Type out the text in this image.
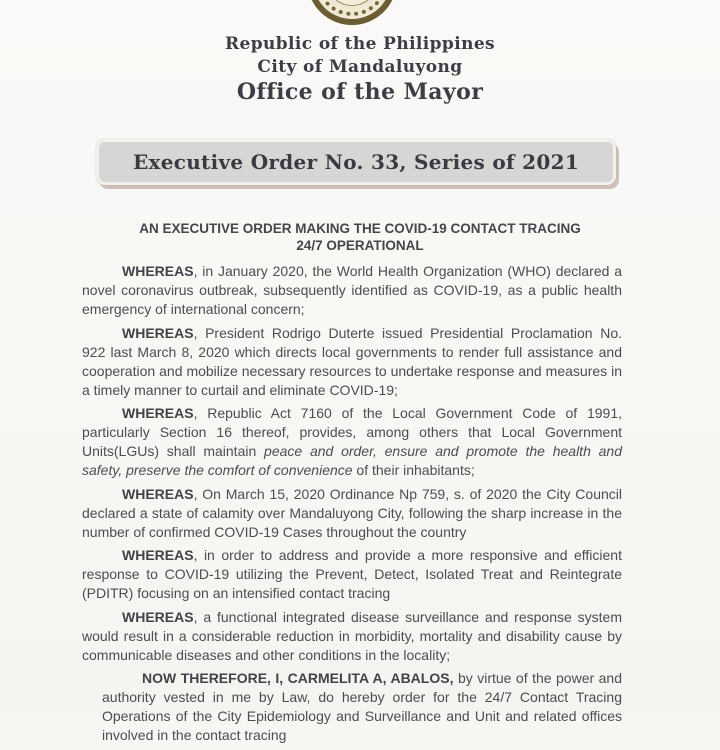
Republic of the Philippines
City of Mandaluyong
Office of the Mayor
Executive Order No. 33, Series of 2021
AN EXECUTIVE ORDER MAKING THE COVID-19 CONTACT TRACING
24/7 OPERATIONAL

WHEREAS, in January 2020, the World Health Organization (WHO) declared a novel coronavirus outbreak, subsequently identified as COVID-19, as a public health emergency of international concern;

WHEREAS, President Rodrigo Duterte issued Presidential Proclamation No. 922 last March 8, 2020 which directs local governments to render full assistance and cooperation and mobilize necessary resources to undertake response and measures in a timely manner to curtail and eliminate COVID-19;

WHEREAS, Republic Act 7160 of the Local Government Code of 1991, particularly Section 16 thereof, provides, among others that Local Government Units(LGUs) shall maintain peace and order, ensure and promote the health and safety, preserve the comfort of convenience of their inhabitants;

WHEREAS, On March 15, 2020 Ordinance Np 759, s. of 2020 the City Council declared a state of calamity over Mandaluyong City, following the sharp increase in the number of confirmed COVID-19 Cases throughout the country

WHEREAS, in order to address and provide a more responsive and efficient response to COVID-19 utilizing the Prevent, Detect, Isolated Treat and Reintegrate (PDITR) focusing on an intensified contact tracing

WHEREAS, a functional integrated disease surveillance and response system would result in a considerable reduction in morbidity, mortality and disability cause by communicable diseases and other conditions in the locality;

NOW THEREFORE, I, CARMELITA A, ABALOS, by virtue of the power and authority vested in me by Law, do hereby order for the 24/7 Contact Tracing Operations of the City Epidemiology and Surveillance and Unit and related offices involved in the contact tracing
